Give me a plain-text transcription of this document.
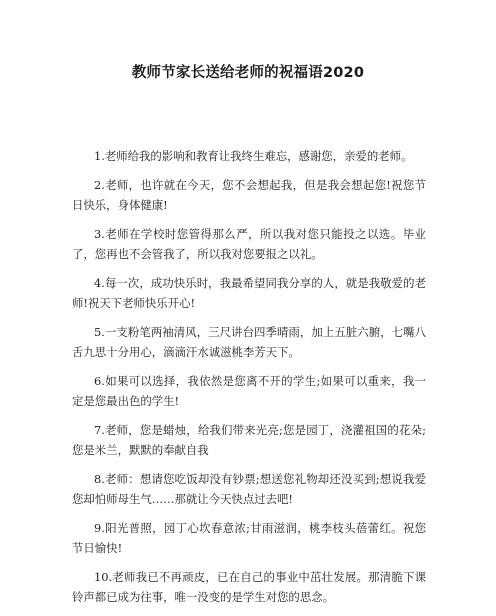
教师节家长送给老师的祝福语2020

1.老师给我的影响和教育让我终生难忘，感谢您，亲爱的老师。

2.老师，也许就在今天，您不会想起我，但是我会想起您!祝您节日快乐，身体健康!

3.老师在学校时您管得那么严，所以我对您只能投之以选。毕业了，您再也不会管我了，所以我对您要报之以礼。

4.每一次，成功快乐时，我最希望同我分享的人，就是我敬爱的老师!祝天下老师快乐开心!

5.一支粉笔两袖清风，三尺讲台四季晴雨，加上五脏六腑，七嘴八舌九思十分用心，滴滴汗水诚滋桃李芳天下。

6.如果可以选择，我依然是您离不开的学生;如果可以重来，我一定是您最出色的学生!

7.老师，您是蜡烛，给我们带来光亮;您是园丁，浇灌祖国的花朵;您是米兰，默默的奉献自我

8.老师：想请您吃饭却没有钞票;想送您礼物却还没买到;想说我爱您却怕师母生气……那就让今天快点过去吧!

9.阳光普照，园丁心坎春意浓;甘雨滋润，桃李枝头蓓蕾红。祝您节日愉快!

10.老师我已不再顽皮，已在自己的事业中茁壮发展。那清脆下课铃声都已成为往事，唯一没变的是学生对您的思念。
